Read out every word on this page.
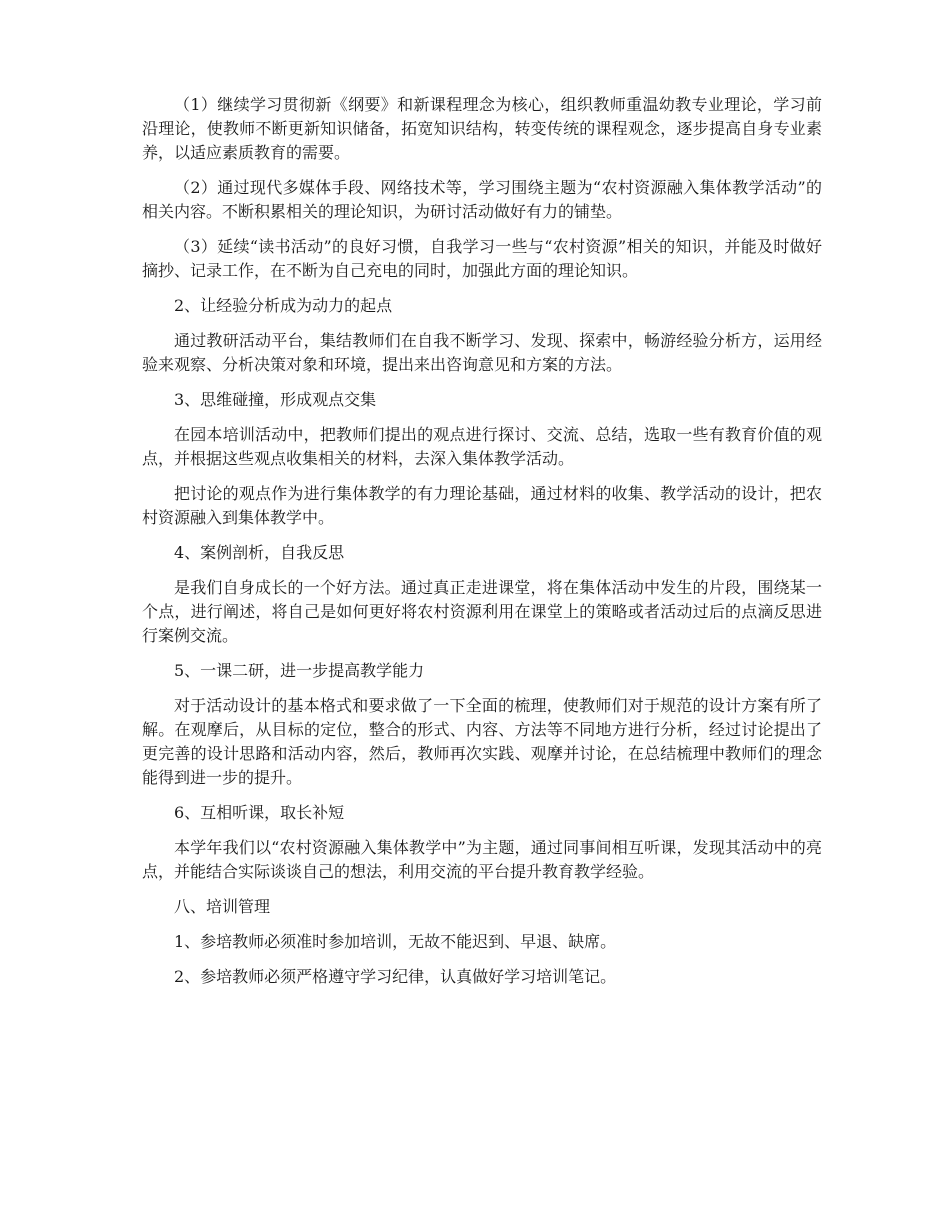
（1）继续学习贯彻新《纲要》和新课程理念为核心，组织教师重温幼教专业理论，学习前沿理论，使教师不断更新知识储备，拓宽知识结构，转变传统的课程观念，逐步提高自身专业素养，以适应素质教育的需要。

（2）通过现代多媒体手段、网络技术等，学习围绕主题为“农村资源融入集体教学活动”的相关内容。不断积累相关的理论知识，为研讨活动做好有力的铺垫。

（3）延续“读书活动”的良好习惯，自我学习一些与“农村资源”相关的知识，并能及时做好摘抄、记录工作，在不断为自己充电的同时，加强此方面的理论知识。

2、让经验分析成为动力的起点

通过教研活动平台，集结教师们在自我不断学习、发现、探索中，畅游经验分析方，运用经验来观察、分析决策对象和环境，提出来出咨询意见和方案的方法。

3、思维碰撞，形成观点交集

在园本培训活动中，把教师们提出的观点进行探讨、交流、总结，选取一些有教育价值的观点，并根据这些观点收集相关的材料，去深入集体教学活动。

把讨论的观点作为进行集体教学的有力理论基础，通过材料的收集、教学活动的设计，把农村资源融入到集体教学中。

4、案例剖析，自我反思

是我们自身成长的一个好方法。通过真正走进课堂，将在集体活动中发生的片段，围绕某一个点，进行阐述，将自己是如何更好将农村资源利用在课堂上的策略或者活动过后的点滴反思进行案例交流。

5、一课二研，进一步提高教学能力

对于活动设计的基本格式和要求做了一下全面的梳理，使教师们对于规范的设计方案有所了解。在观摩后，从目标的定位，整合的形式、内容、方法等不同地方进行分析，经过讨论提出了更完善的设计思路和活动内容，然后，教师再次实践、观摩并讨论，在总结梳理中教师们的理念能得到进一步的提升。

6、互相听课，取长补短

本学年我们以“农村资源融入集体教学中”为主题，通过同事间相互听课，发现其活动中的亮点，并能结合实际谈谈自己的想法，利用交流的平台提升教育教学经验。

八、培训管理

1、参培教师必须准时参加培训，无故不能迟到、早退、缺席。

2、参培教师必须严格遵守学习纪律，认真做好学习培训笔记。
